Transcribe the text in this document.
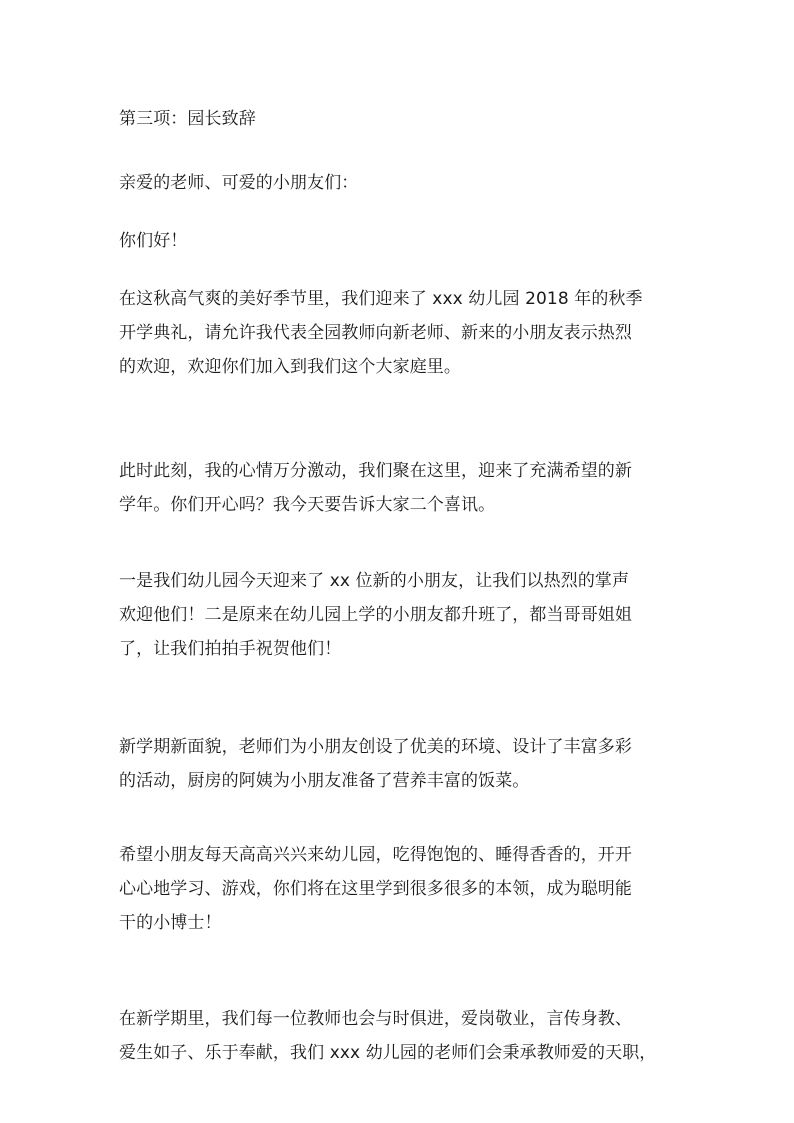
第三项：园长致辞

亲爱的老师、可爱的小朋友们：

你们好！

在这秋高气爽的美好季节里，我们迎来了 xxx 幼儿园 2018 年的秋季
开学典礼，请允许我代表全园教师向新老师、新来的小朋友表示热烈
的欢迎，欢迎你们加入到我们这个大家庭里。

此时此刻，我的心情万分激动，我们聚在这里，迎来了充满希望的新
学年。你们开心吗？我今天要告诉大家二个喜讯。

一是我们幼儿园今天迎来了 xx 位新的小朋友，让我们以热烈的掌声
欢迎他们！二是原来在幼儿园上学的小朋友都升班了，都当哥哥姐姐
了，让我们拍拍手祝贺他们！

新学期新面貌，老师们为小朋友创设了优美的环境、设计了丰富多彩
的活动，厨房的阿姨为小朋友准备了营养丰富的饭菜。

希望小朋友每天高高兴兴来幼儿园，吃得饱饱的、睡得香香的，开开
心心地学习、游戏，你们将在这里学到很多很多的本领，成为聪明能
干的小博士！

在新学期里，我们每一位教师也会与时俱进，爱岗敬业，言传身教、
爱生如子、乐于奉献，我们 xxx 幼儿园的老师们会秉承教师爱的天职，
